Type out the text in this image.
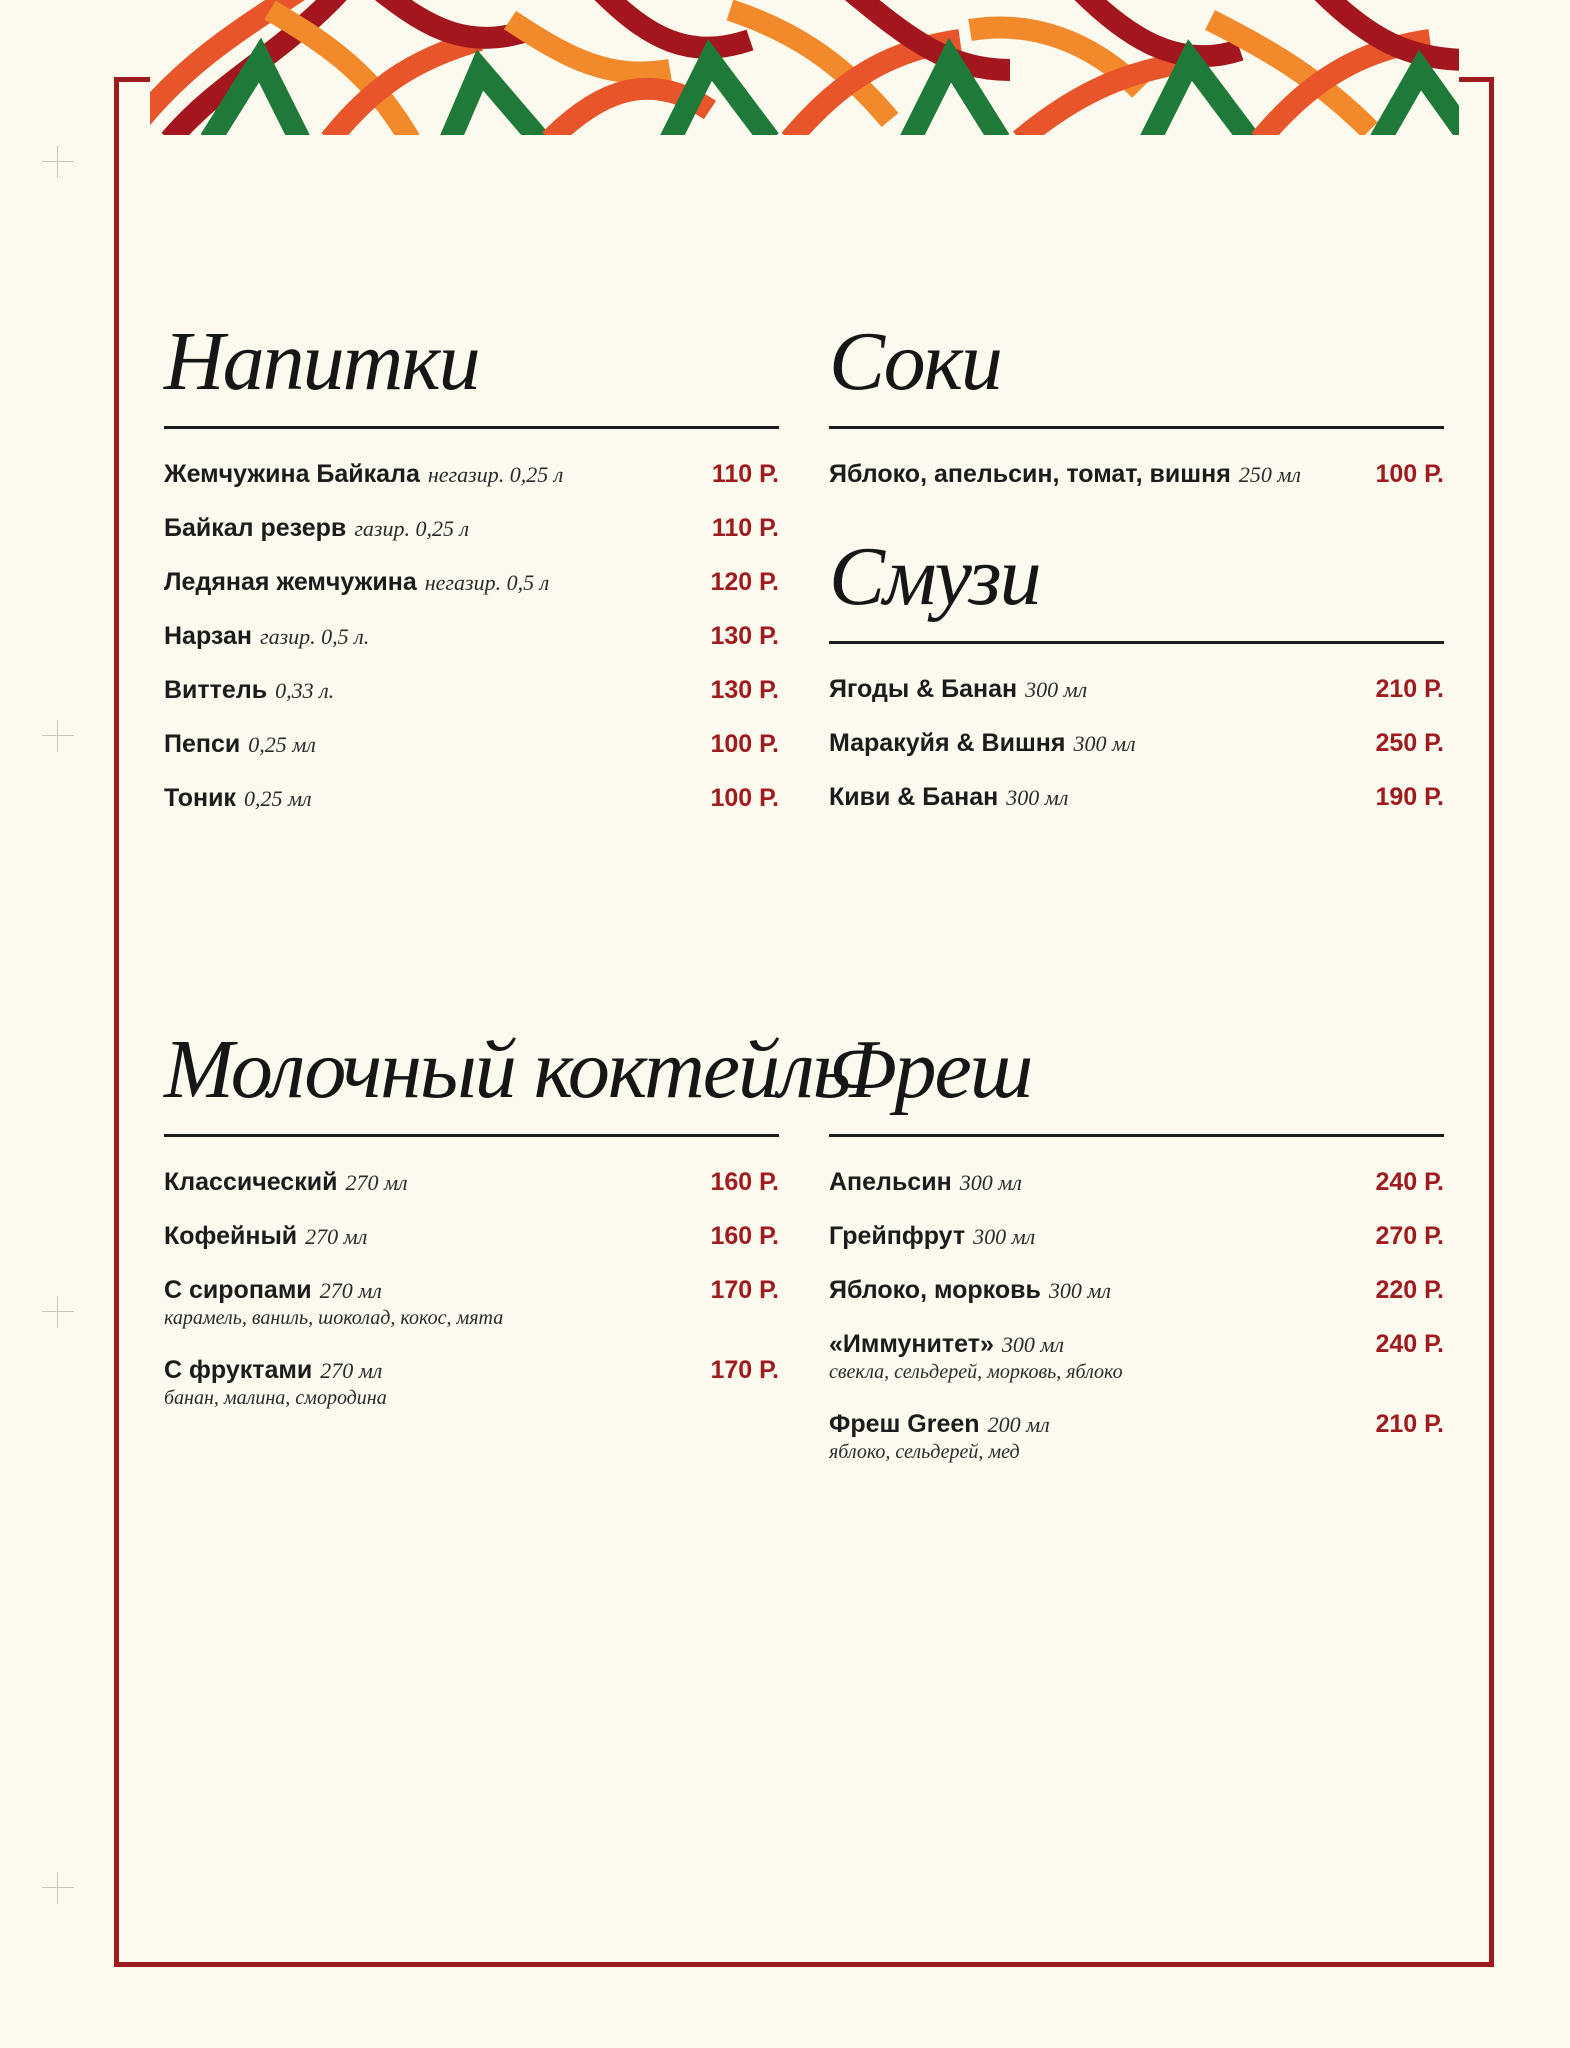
Напитки
Жемчужина Байкала негазир. 0,25 л	110 Р.
Байкал резерв газир. 0,25 л	110 Р.
Ледяная жемчужина негазир. 0,5 л	120 Р.
Нарзан газир. 0,5 л.	130 Р.
Виттель 0,33 л.	130 Р.
Пепси 0,25 мл	100 Р.
Тоник 0,25 мл	100 Р.
Соки
Яблоко, апельсин, томат, вишня 250 мл	100 Р.
Смузи
Ягоды & Банан 300 мл	210 Р.
Маракуйя & Вишня 300 мл	250 Р.
Киви & Банан 300 мл	190 Р.
Молочный коктейль
Классический 270 мл	160 Р.
Кофейный 270 мл	160 Р.
С сиропами 270 мл	170 Р.
карамель, ваниль, шоколад, кокос, мята
С фруктами 270 мл	170 Р.
банан, малина, смородина
Фреш
Апельсин 300 мл	240 Р.
Грейпфрут 300 мл	270 Р.
Яблоко, морковь 300 мл	220 Р.
«Иммунитет» 300 мл	240 Р.
свекла, сельдерей, морковь, яблоко
Фреш Green 200 мл	210 Р.
яблоко, сельдерей, мед
